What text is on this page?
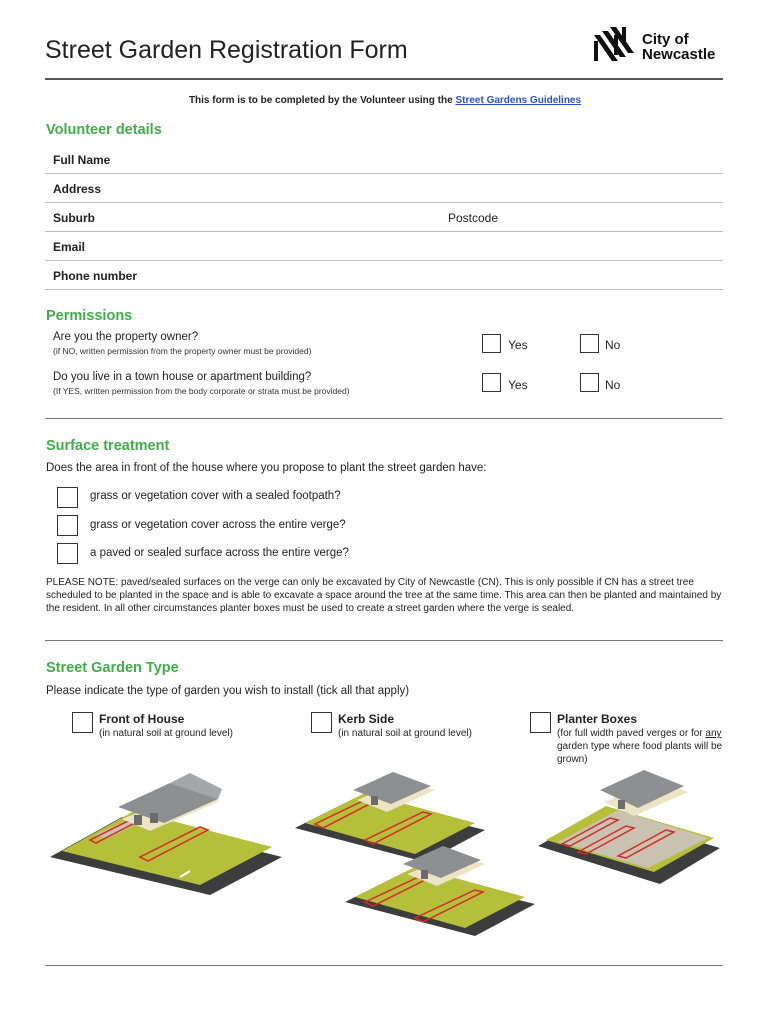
Street Garden Registration Form	City of
Newcastle
This form is to be completed by the Volunteer using the Street Gardens Guidelines
Volunteer details
Full Name
Address
Suburb	Postcode
Email
Phone number
Permissions
Are you the property owner?
(if NO, written permission from the property owner must be provided)	Yes	No
Do you live in a town house or apartment building?
(If YES, written permission from the body corporate or strata must be provided)	Yes	No
Surface treatment
Does the area in front of the house where you propose to plant the street garden have:
grass or vegetation cover with a sealed footpath?
grass or vegetation cover across the entire verge?
a paved or sealed surface across the entire verge?
PLEASE NOTE: paved/sealed surfaces on the verge can only be excavated by City of Newcastle (CN). This is only possible if CN has a street tree scheduled to be planted in the space and is able to excavate a space around the tree at the same time. This area can then be planted and maintained by the resident. In all other circumstances planter boxes must be used to create a street garden where the verge is sealed.
Street Garden Type
Please indicate the type of garden you wish to install (tick all that apply)
Front of House
(in natural soil at ground level)
Kerb Side
(in natural soil at ground level)
Planter Boxes
(for full width paved verges or for any garden type where food plants will be grown)
